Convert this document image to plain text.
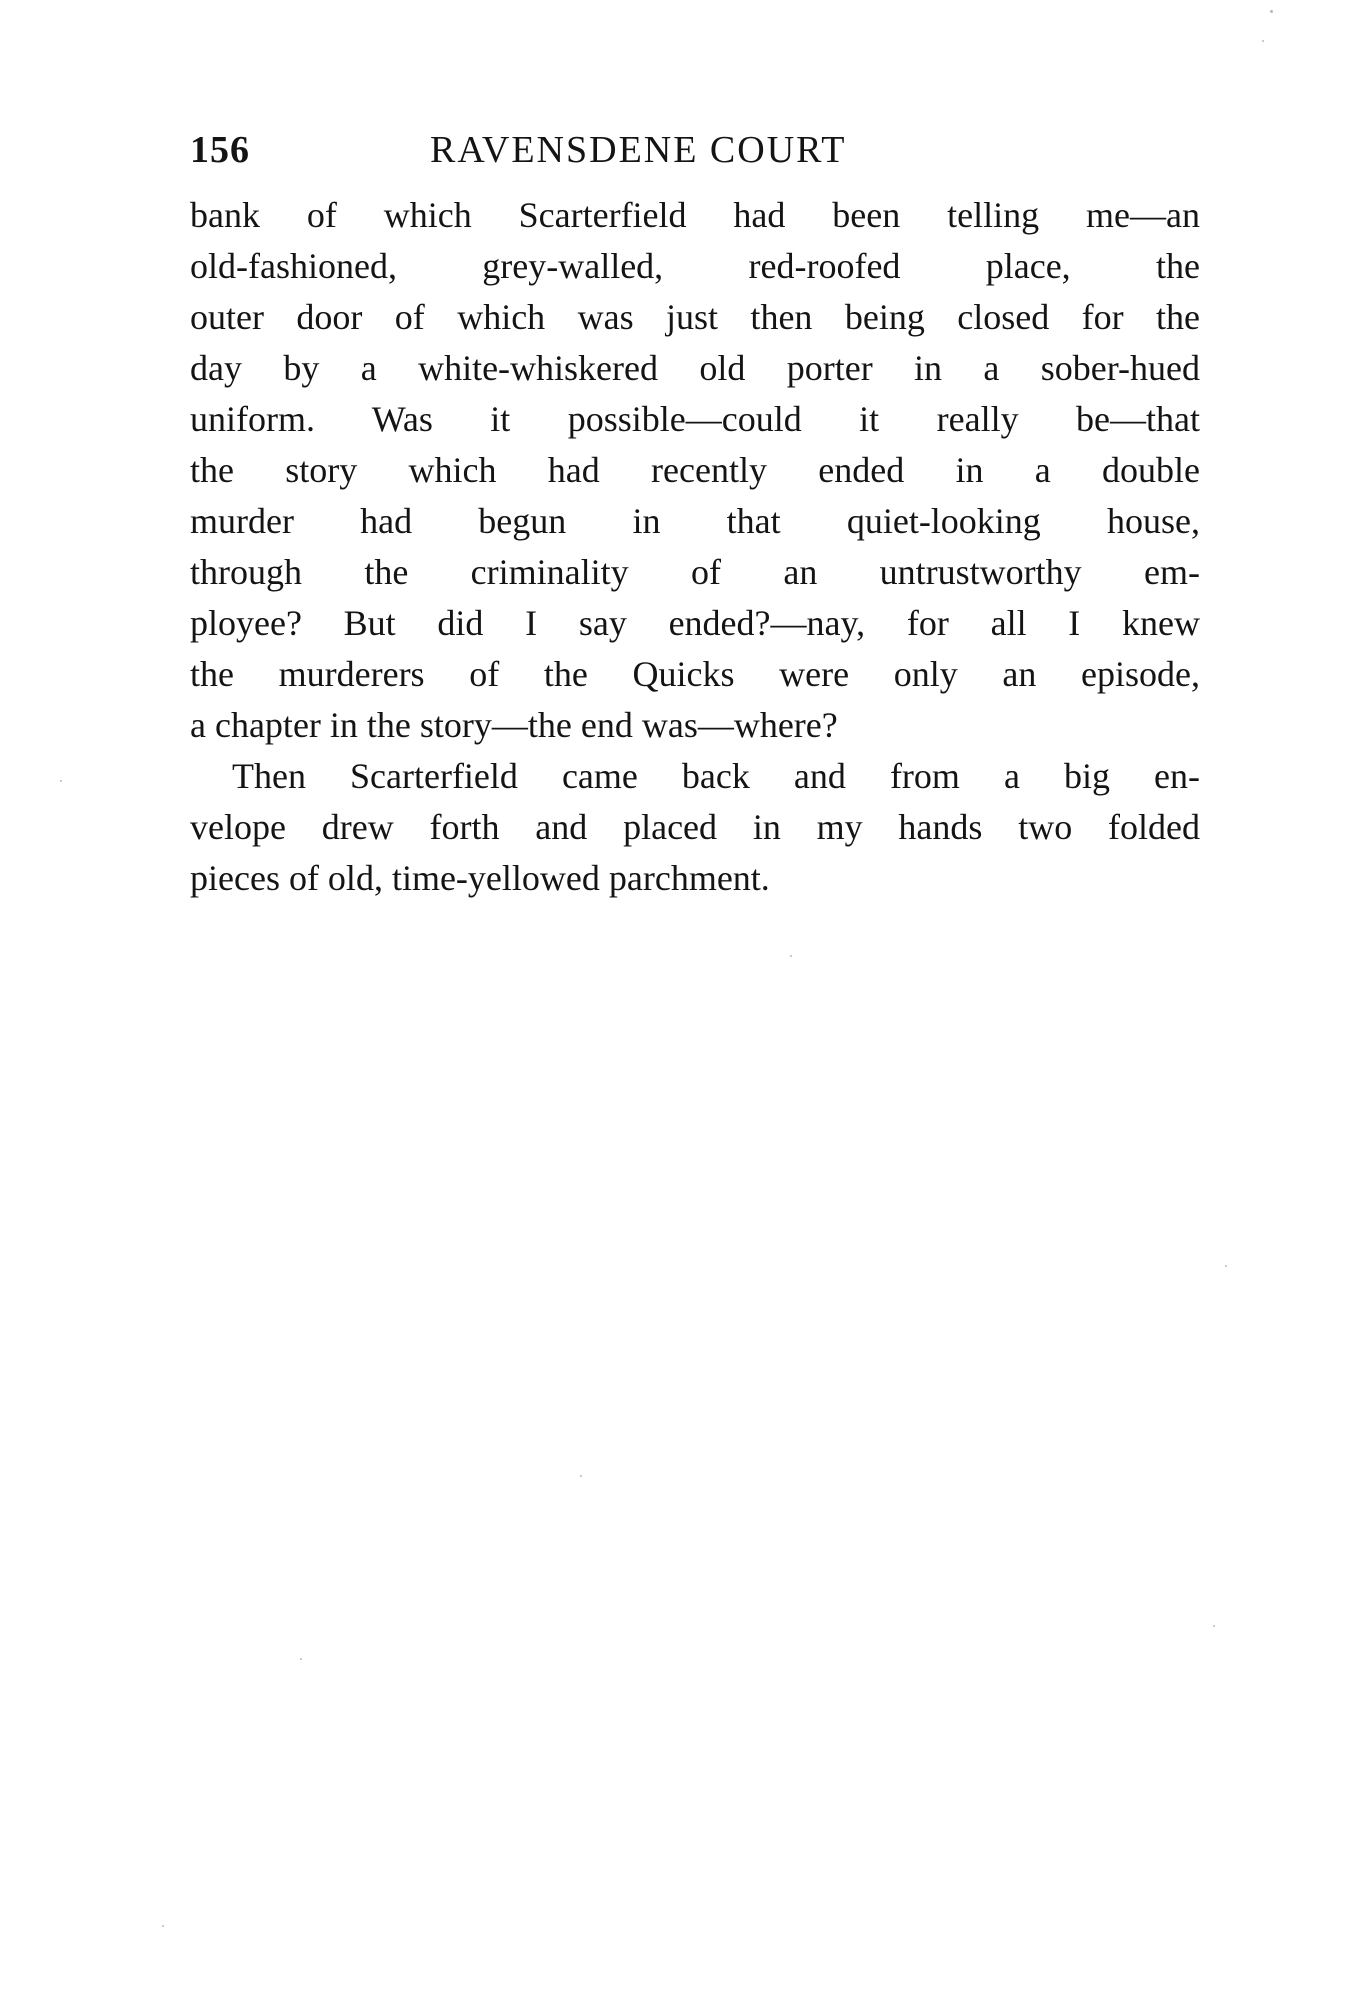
156	RAVENSDENE COURT
bank of which Scarterfield had been telling me—an
old-fashioned, grey-walled, red-roofed place, the
outer door of which was just then being closed for the
day by a white-whiskered old porter in a sober-hued
uniform. Was it possible—could it really be—that
the story which had recently ended in a double
murder had begun in that quiet-looking house,
through the criminality of an untrustworthy em-
ployee? But did I say ended?—nay, for all I knew
the murderers of the Quicks were only an episode,
a chapter in the story—the end was—where?
Then Scarterfield came back and from a big en-
velope drew forth and placed in my hands two folded
pieces of old, time-yellowed parchment.
